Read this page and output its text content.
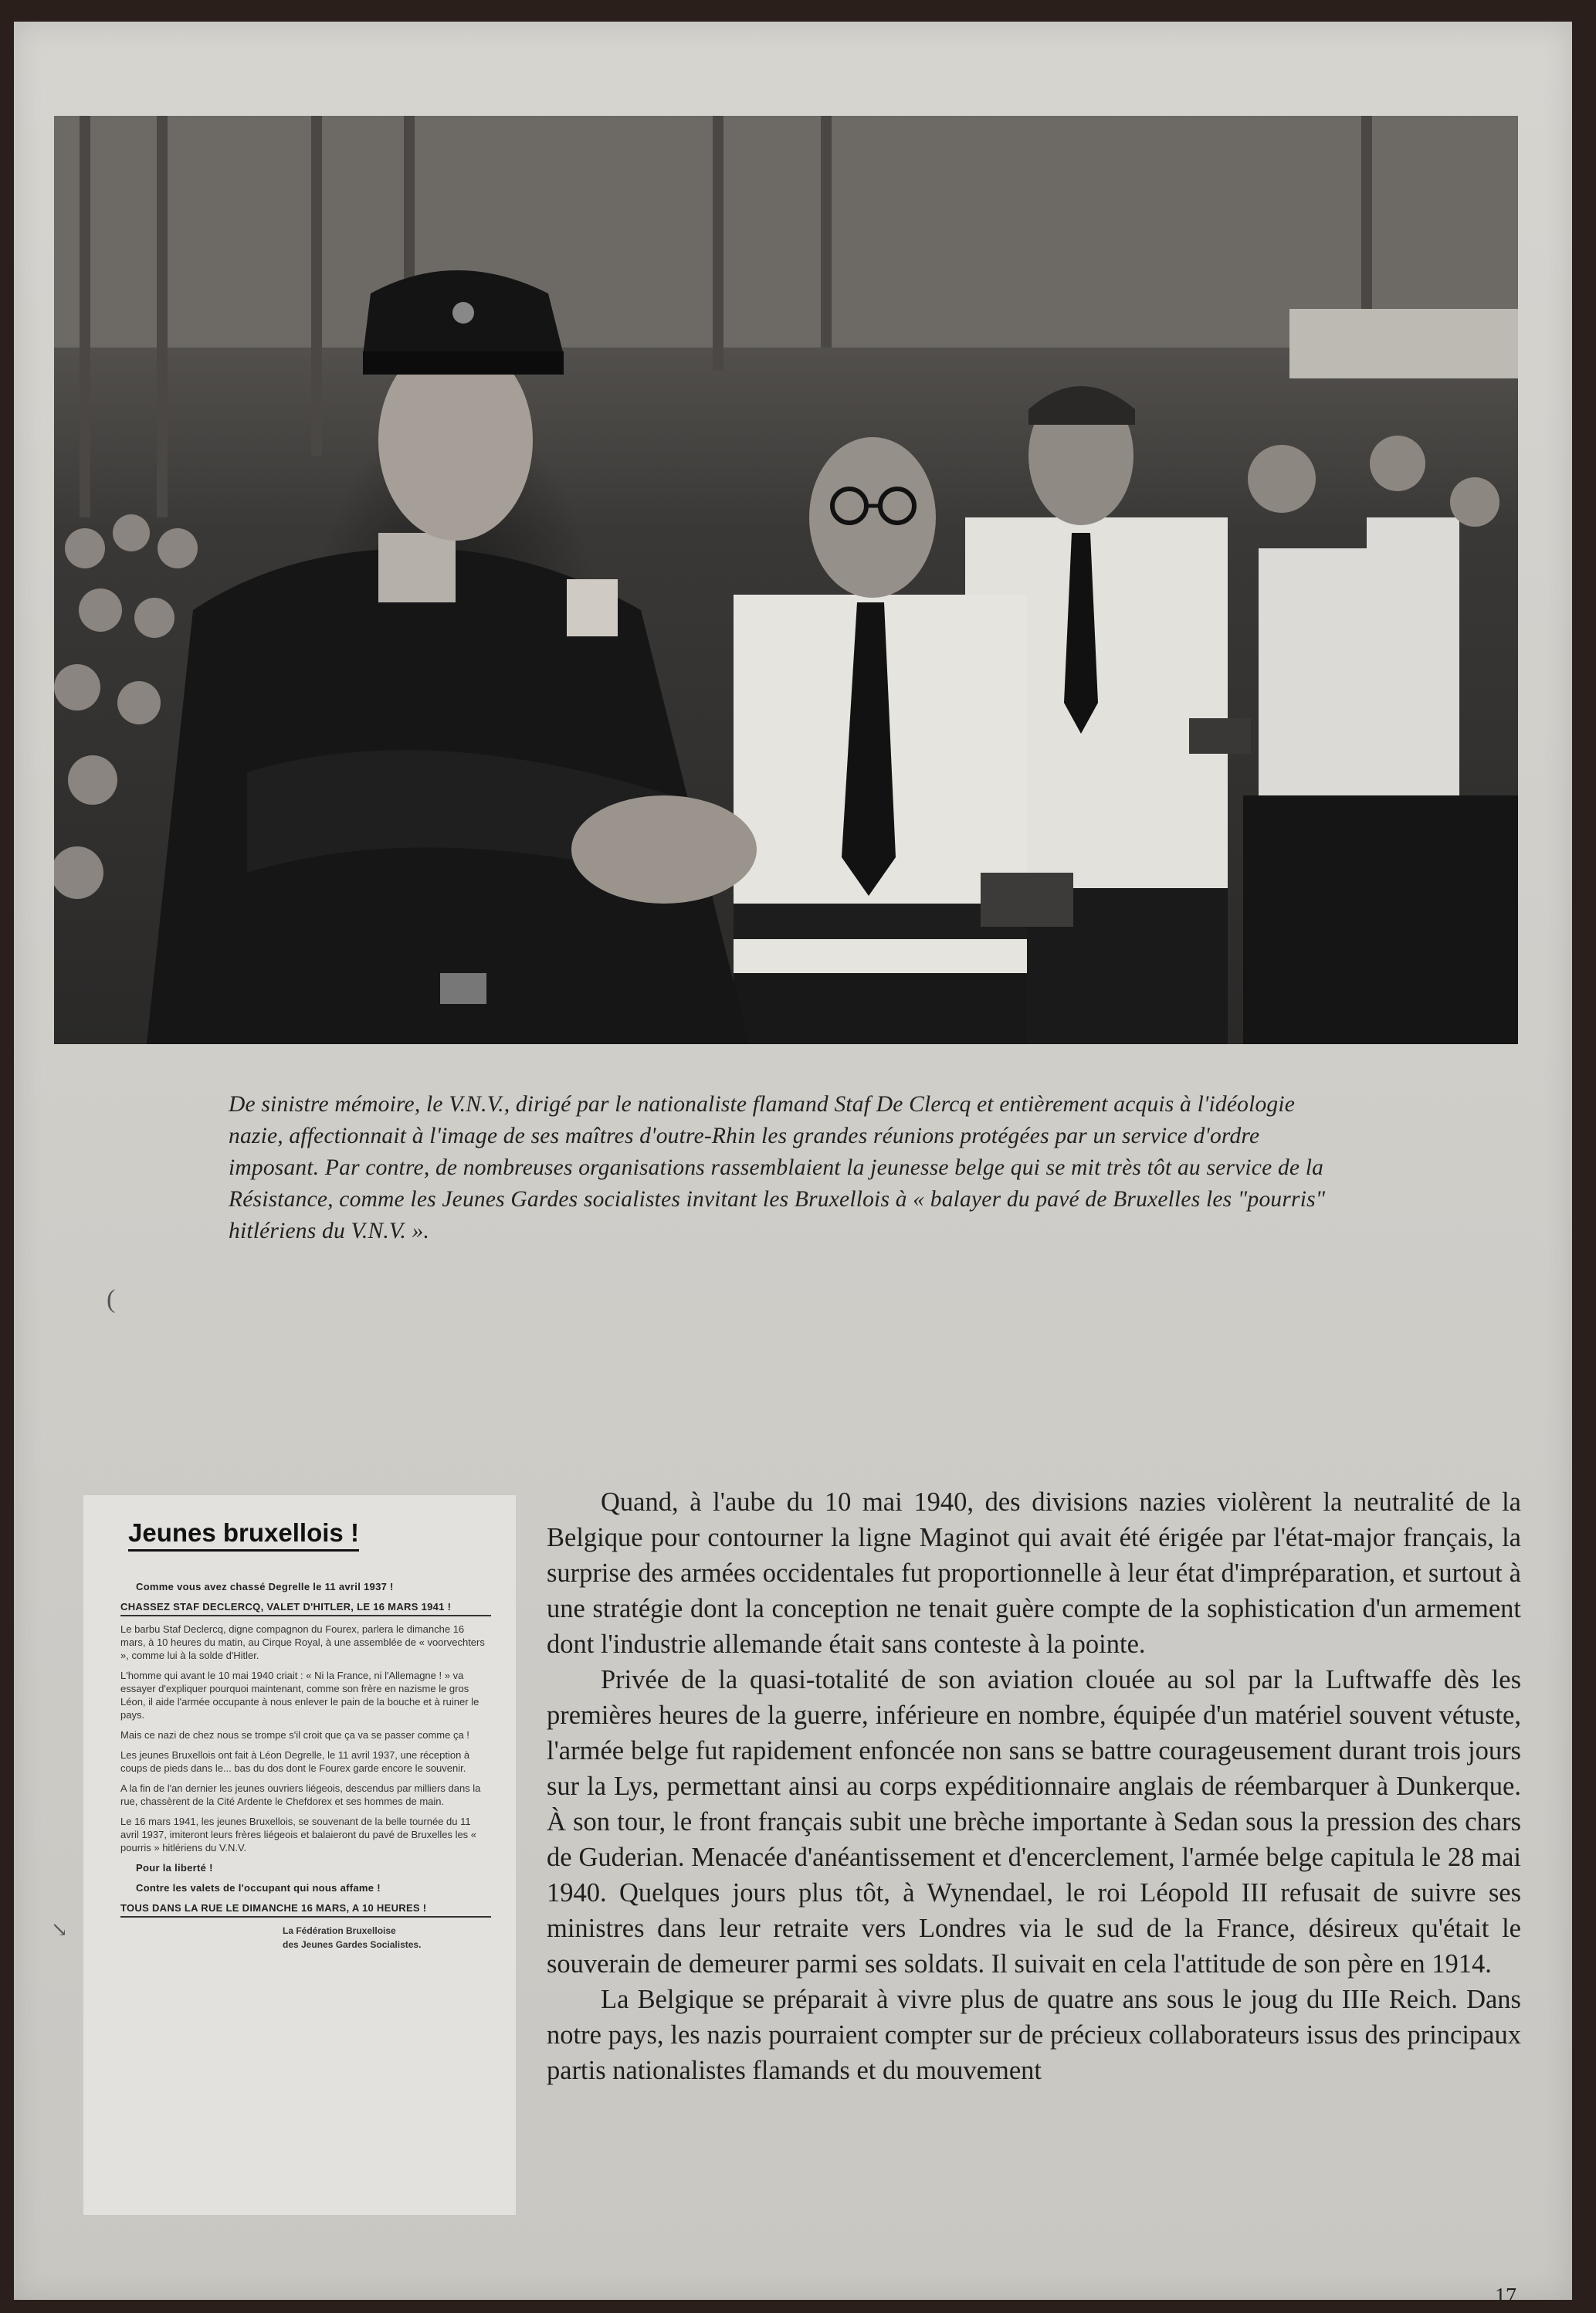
De sinistre mémoire, le V.N.V., dirigé par le nationaliste flamand Staf De Clercq et entièrement acquis à l'idéologie nazie, affectionnait à l'image de ses maîtres d'outre-Rhin les grandes réunions protégées par un service d'ordre imposant. Par contre, de nombreuses organisations rassemblaient la jeunesse belge qui se mit très tôt au service de la Résistance, comme les Jeunes Gardes socialistes invitant les Bruxellois à « balayer du pavé de Bruxelles les "pourris" hitlériens du V.N.V. ».

(
Jeunes bruxellois !

Comme vous avez chassé Degrelle le 11 avril 1937 !

CHASSEZ STAF DECLERCQ, VALET D'HITLER, LE 16 MARS 1941 !

Le barbu Staf Declercq, digne compagnon du Fourex, parlera le dimanche 16 mars, à 10 heures du matin, au Cirque Royal, à une assemblée de « voorvechters », comme lui à la solde d'Hitler.

L'homme qui avant le 10 mai 1940 criait : « Ni la France, ni l'Allemagne ! » va essayer d'expliquer pourquoi maintenant, comme son frère en nazisme le gros Léon, il aide l'armée occupante à nous enlever le pain de la bouche et à ruiner le pays.

Mais ce nazi de chez nous se trompe s'il croit que ça va se passer comme ça !

Les jeunes Bruxellois ont fait à Léon Degrelle, le 11 avril 1937, une réception à coups de pieds dans le... bas du dos dont le Fourex garde encore le souvenir.

A la fin de l'an dernier les jeunes ouvriers liégeois, descendus par milliers dans la rue, chassèrent de la Cité Ardente le Chefdorex et ses hommes de main.

Le 16 mars 1941, les jeunes Bruxellois, se souvenant de la belle tournée du 11 avril 1937, imiteront leurs frères liégeois et balaieront du pavé de Bruxelles les « pourris » hitlériens du V.N.V.

Pour la liberté !

Contre les valets de l'occupant qui nous affame !

TOUS DANS LA RUE LE DIMANCHE 16 MARS, A 10 HEURES !

La Fédération Bruxelloise
des Jeunes Gardes Socialistes.
↘

Quand, à l'aube du 10 mai 1940, des divisions nazies violèrent la neutralité de la Belgique pour contourner la ligne Maginot qui avait été érigée par l'état-major français, la surprise des armées occidentales fut proportionnelle à leur état d'impréparation, et surtout à une stratégie dont la conception ne tenait guère compte de la sophistication d'un armement dont l'industrie allemande était sans conteste à la pointe.

Privée de la quasi-totalité de son aviation clouée au sol par la Luftwaffe dès les premières heures de la guerre, inférieure en nombre, équipée d'un matériel souvent vétuste, l'armée belge fut rapidement enfoncée non sans se battre courageusement durant trois jours sur la Lys, permettant ainsi au corps expéditionnaire anglais de réembarquer à Dunkerque. À son tour, le front français subit une brèche importante à Sedan sous la pression des chars de Guderian. Menacée d'anéantissement et d'encerclement, l'armée belge capitula le 28 mai 1940. Quelques jours plus tôt, à Wynendael, le roi Léopold III refusait de suivre ses ministres dans leur retraite vers Londres via le sud de la France, désireux qu'était le souverain de demeurer parmi ses soldats. Il suivait en cela l'attitude de son père en 1914.

La Belgique se préparait à vivre plus de quatre ans sous le joug du IIIe Reich. Dans notre pays, les nazis pourraient compter sur de précieux collaborateurs issus des principaux partis nationalistes flamands et du mouvement

17
